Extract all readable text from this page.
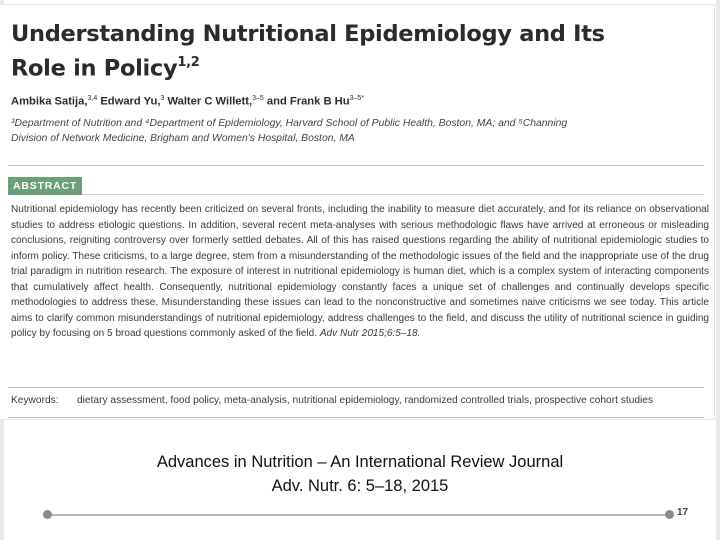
Understanding Nutritional Epidemiology and Its
Role in Policy$^{1,2}$
Ambika Satija,$^{3,4}$ Edward Yu,$^3$ Walter C Willett,$^{3-5}$ and Frank B $Hu^{3-5*}$
³Department of Nutrition and ⁴Department of Epidemiology, Harvard School of Public Health, Boston, MA; and ⁵Channing
Division of Network Medicine, Brigham and Women's Hospital, Boston, MA
ABSTRACT
Nutritional epidemiology has recently been criticized on several fronts, including the inability to measure diet accurately, and for its reliance on observational studies to address etiologic questions. In addition, several recent meta-analyses with serious methodologic flaws have arrived at erroneous or misleading conclusions, reigniting controversy over formerly settled debates. All of this has raised questions regarding the ability of nutritional epidemiologic studies to inform policy. These criticisms, to a large degree, stem from a misunderstanding of the methodologic issues of the field and the inappropriate use of the drug trial paradigm in nutrition research. The exposure of interest in nutritional epidemiology is human diet, which is a complex system of interacting components that cumulatively affect health. Consequently, nutritional epidemiology constantly faces a unique set of challenges and continually develops specific methodologies to address these. Misunderstanding these issues can lead to the nonconstructive and sometimes naive criticisms we see today. This article aims to clarify common misunderstandings of nutritional epidemiology, address challenges to the field, and discuss the utility of nutritional science in guiding policy by focusing on 5 broad questions commonly asked of the field. Adv Nutr 2015;6:5–18.
Keywords: dietary assessment, food policy, meta-analysis, nutritional epidemiology, randomized controlled trials, prospective cohort studies
Advances in Nutrition – An International Review Journal
Adv. Nutr. 6: 5–18, 2015
17
